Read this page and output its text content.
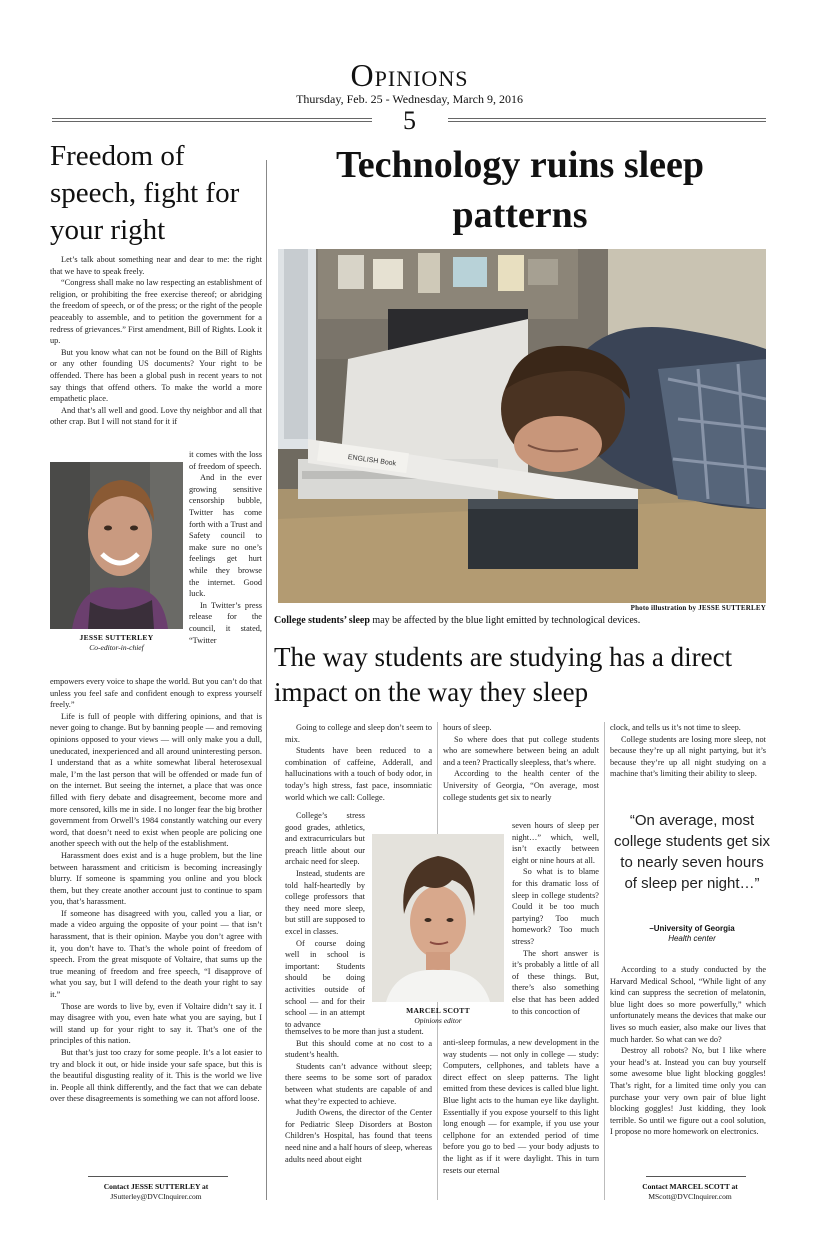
Opinions
Thursday, Feb. 25 - Wednesday, March 9, 2016
5
Freedom of speech, fight for your right

Let’s talk about something near and dear to me: the right that we have to speak freely.

“Congress shall make no law respecting an establishment of religion, or prohibiting the free exercise thereof; or abridging the freedom of speech, or of the press; or the right of the people peaceably to assemble, and to petition the government for a redress of grievances.” First amendment, Bill of Rights. Look it up.

But you know what can not be found on the Bill of Rights or any other founding US documents? Your right to be offended. There has been a global push in recent years to not say things that offend others. To make the world a more empathetic place.

And that’s all well and good. Love thy neighbor and all that other crap. But I will not stand for it if

JESSE SUTTERLEY
Co-editor-in-chief

it comes with the loss of freedom of speech.

And in the ever growing sensitive censorship bubble, Twitter has come forth with a Trust and Safety council to make sure no one’s feelings get hurt while they browse the internet. Good luck.

In Twitter’s press release for the council, it stated, “Twitter

empowers every voice to shape the world. But you can’t do that unless you feel safe and confident enough to express yourself freely.”

Life is full of people with differing opinions, and that is never going to change. But by banning people — and removing opinions opposed to your views — will only make you a dull, uneducated, inexperienced and all around uninteresting person. I understand that as a white somewhat liberal heterosexual male, I’m the last person that will be offended or made fun of on the internet. But seeing the internet, a place that was once filled with fiery debate and disagreement, become more and more censored, kills me in side. I no longer fear the big brother government from Orwell’s 1984 constantly watching our every word, that doesn’t need to exist when people are policing one another speech with out the help of the establishment.

Harassment does exist and is a huge problem, but the line between harassment and criticism is becoming increasingly blurry. If someone is spamming you online and you block them, but they create another account just to continue to spam you, that’s harassment.

If someone has disagreed with you, called you a liar, or made a video arguing the opposite of your point — that isn’t harassment, that is their opinion. Maybe you don’t agree with it, you don’t have to. That’s the whole point of freedom of speech. From the great misquote of Voltaire, that sums up the true meaning of freedom and free speech, “I disapprove of what you say, but I will defend to the death your right to say it.”

Those are words to live by, even if Voltaire didn’t say it. I may disagree with you, even hate what you are saying, but I will stand up for your right to say it. That’s one of the principles of this nation.

But that’s just too crazy for some people. It’s a lot easier to try and block it out, or hide inside your safe space, but this is the beautiful disgusting reality of it. This is the world we live in. People all think differently, and the fact that we can debate over these disagreements is something we can not afford loose.

Contact JESSE SUTTERLEY at
JSutterley@DVCInquirer.com
Technology ruins sleep patterns
ENGLISH Book
Photo illustration by JESSE SUTTERLEY
College students’ sleep may be affected by the blue light emitted by technological devices.
The way students are studying has a direct impact on the way they sleep

Going to college and sleep don’t seem to mix.

Students have been reduced to a combination of caffeine, Adderall, and hallucinations with a touch of body odor, in today’s high stress, fast pace, insomniatic world which we call: College.

College’s stress good grades, athletics, and extracurriculars but preach little about our archaic need for sleep.

Instead, students are told half-heartedly by college professors that they need more sleep, but still are supposed to excel in classes.

Of course doing well in school is important: Students should be doing activities outside of school — and for their school — in an attempt to advance

themselves to be more than just a student.

But this should come at no cost to a student’s health.

Students can’t advance without sleep; there seems to be some sort of paradox between what students are capable of and what they’re expected to achieve.

Judith Owens, the director of the Center for Pediatric Sleep Disorders at Boston Children’s Hospital, has found that teens need nine and a half hours of sleep, whereas adults need about eight

MARCEL SCOTT
Opinions editor

hours of sleep.

So where does that put college students who are somewhere between being an adult and a teen? Practically sleepless, that’s where.

According to the health center of the University of Georgia, “On average, most college students get six to nearly

seven hours of sleep per night…” which, well, isn’t exactly between eight or nine hours at all.

So what is to blame for this dramatic loss of sleep in college students? Could it be too much partying? Too much homework? Too much stress?

The short answer is it’s probably a little of all of these things. But, there’s also something else that has been added to this concoction of

anti-sleep formulas, a new development in the way students — not only in college — study: Computers, cellphones, and tablets have a direct effect on sleep patterns. The light emitted from these devices is called blue light. Blue light acts to the human eye like daylight. Essentially if you expose yourself to this light long enough — for example, if you use your cellphone for an extended period of time before you go to bed — your body adjusts to the light as if it were daylight. This in turn resets our eternal

clock, and tells us it’s not time to sleep.

College students are losing more sleep, not because they’re up all night partying, but it’s because they’re up all night studying on a machine that’s limiting their ability to sleep.

“On average, most college students get six to nearly seven hours of sleep per night…”
–University of Georgia
Health center

According to a study conducted by the Harvard Medical School, “While light of any kind can suppress the secretion of melatonin, blue light does so more powerfully,” which unfortunately means the devices that make our lives so much easier, also make our lives that much harder. So what can we do?

Destroy all robots? No, but I like where your head’s at. Instead you can buy yourself some awesome blue light blocking goggles! That’s right, for a limited time only you can purchase your very own pair of blue light blocking goggles! Just kidding, they look terrible. So until we figure out a cool solution, I propose no more homework on electronics.

Contact MARCEL SCOTT at
MScott@DVCInquirer.com
